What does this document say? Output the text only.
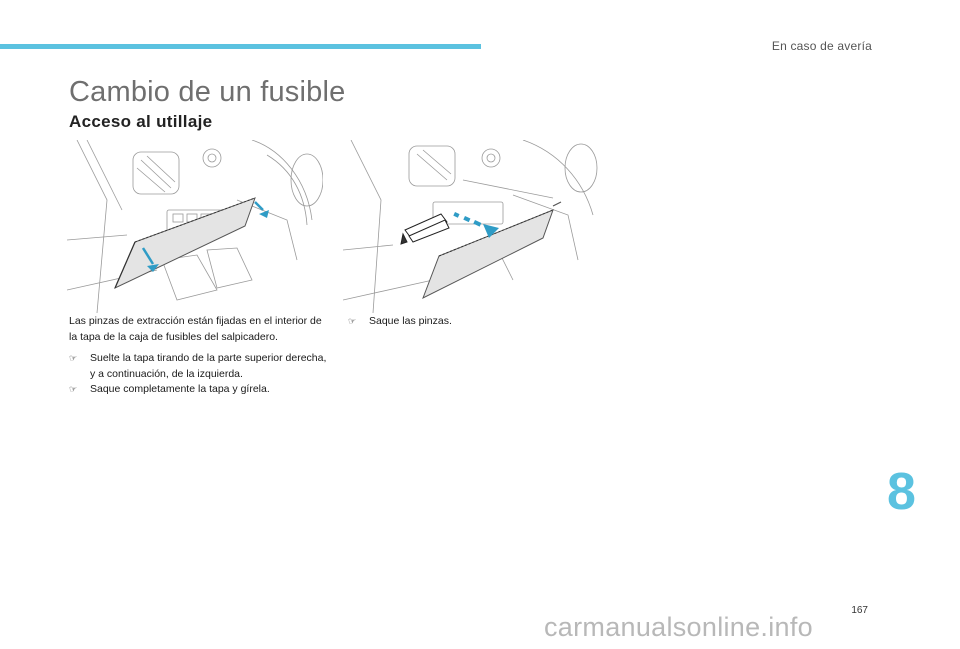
En caso de avería
Cambio de un fusible
Acceso al utillaje

Las pinzas de extracción están fijadas en el interior de la tapa de la caja de fusibles del salpicadero.

☞ Suelte la tapa tirando de la parte superior derecha, y a continuación, de la izquierda.
☞ Saque completamente la tapa y gírela.
☞ Saque las pinzas.
8
167
carmanualsonline.info
